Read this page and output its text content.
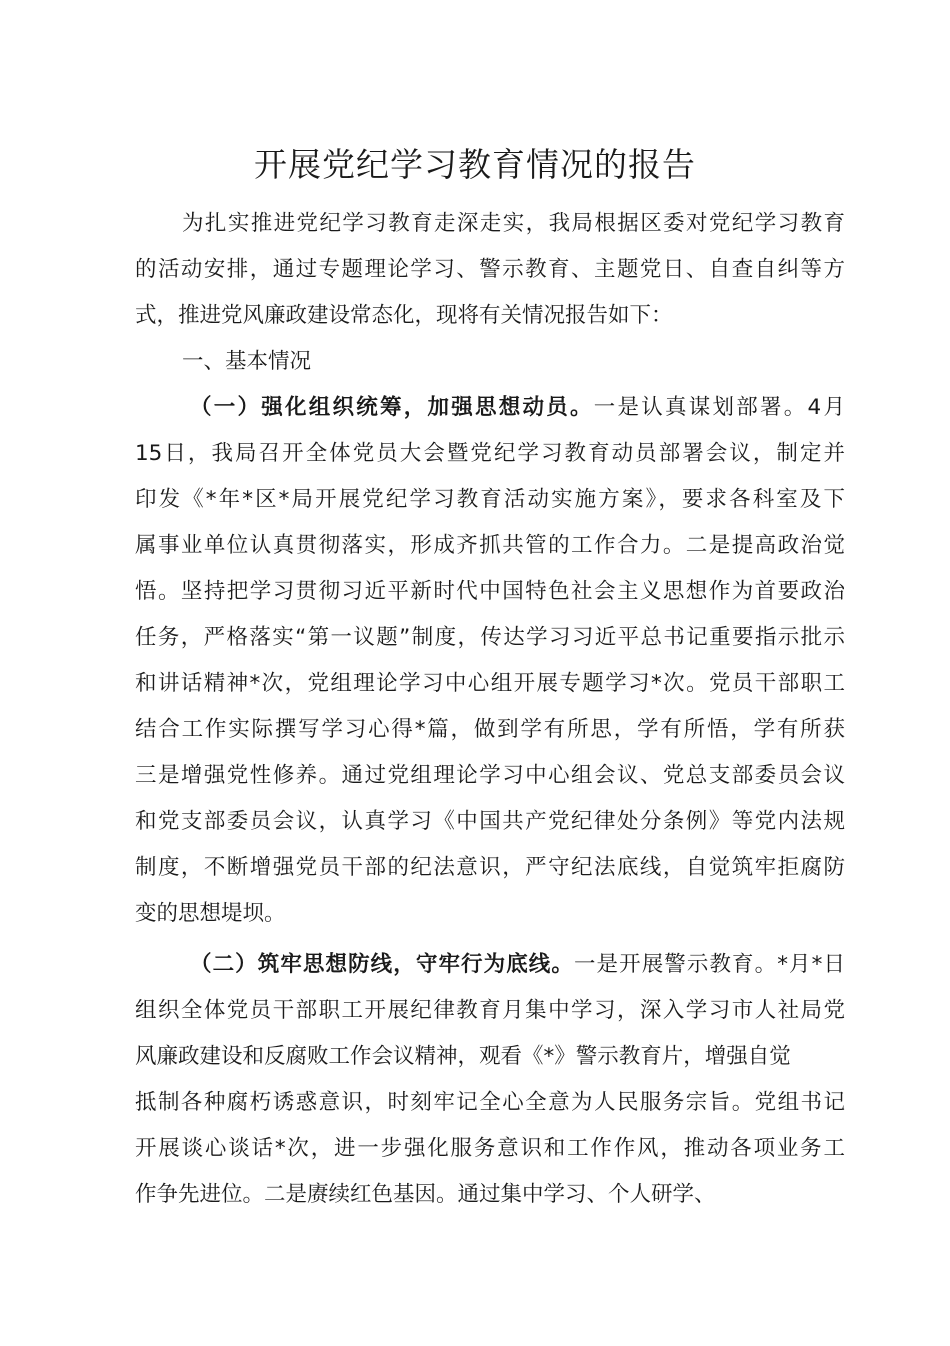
开展党纪学习教育情况的报告

为扎实推进党纪学习教育走深走实，我局根据区委对党纪学习教育

的活动安排，通过专题理论学习、警示教育、主题党日、自查自纠等方

式，推进党风廉政建设常态化，现将有关情况报告如下：

一、基本情况

（一）强化组织统筹，加强思想动员。一是认真谋划部署。4月

15日，我局召开全体党员大会暨党纪学习教育动员部署会议，制定并

印发《*年*区*局开展党纪学习教育活动实施方案》，要求各科室及下

属事业单位认真贯彻落实，形成齐抓共管的工作合力。二是提高政治觉

悟。坚持把学习贯彻习近平新时代中国特色社会主义思想作为首要政治

任务，严格落实“第一议题”制度，传达学习习近平总书记重要指示批示

和讲话精神*次，党组理论学习中心组开展专题学习*次。党员干部职工

结合工作实际撰写学习心得*篇，做到学有所思，学有所悟，学有所获

三是增强党性修养。通过党组理论学习中心组会议、党总支部委员会议

和党支部委员会议，认真学习《中国共产党纪律处分条例》等党内法规

制度，不断增强党员干部的纪法意识，严守纪法底线，自觉筑牢拒腐防

变的思想堤坝。

（二）筑牢思想防线，守牢行为底线。一是开展警示教育。*月*日

组织全体党员干部职工开展纪律教育月集中学习，深入学习市人社局党

风廉政建设和反腐败工作会议精神，观看《*》警示教育片，增强自觉

抵制各种腐朽诱惑意识，时刻牢记全心全意为人民服务宗旨。党组书记

开展谈心谈话*次，进一步强化服务意识和工作作风，推动各项业务工

作争先进位。二是赓续红色基因。通过集中学习、个人研学、
